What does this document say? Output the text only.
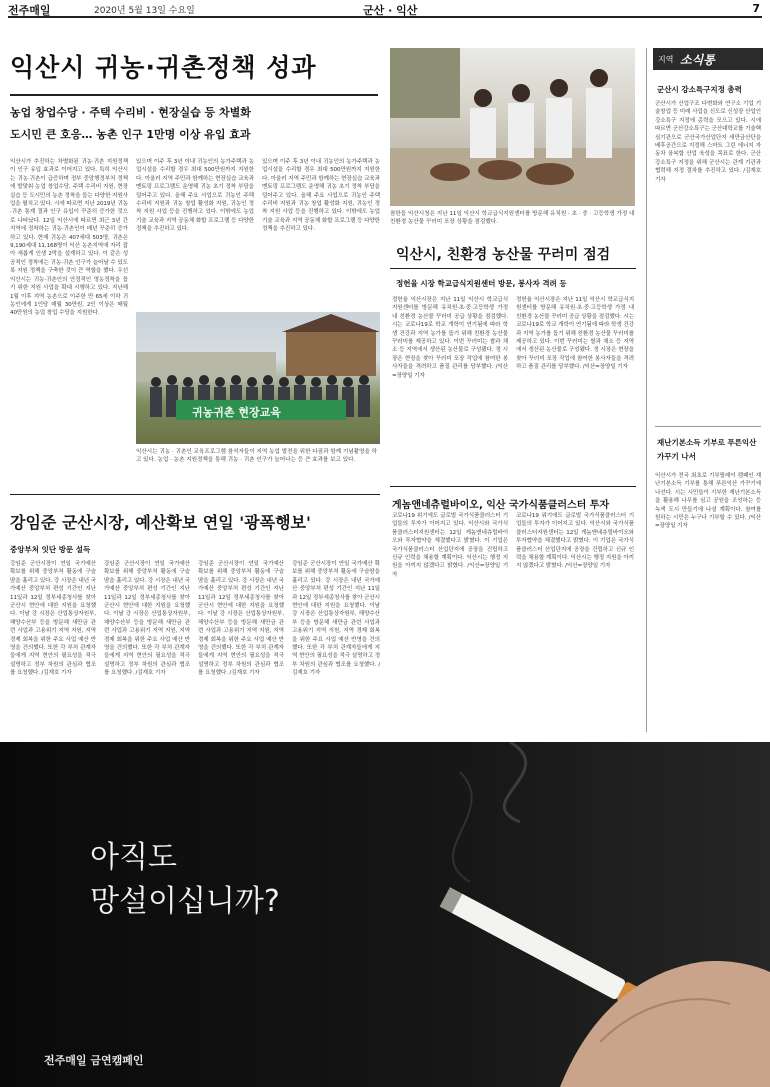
전주매일	2020년 5월 13일 수요일	군산 · 익산	7
익산시 귀농·귀촌정책 성과
농업 창업수당 · 주택 수리비 · 현장실습 등 차별화
도시민 큰 호응… 농촌 인구 1만명 이상 유입 효과
익산시가 추진하는 차별화된 귀농·귀촌 지원정책이 인구 유입 효과로 이어지고 있다. 특히 익산시는 귀농·귀촌이 급증하며 정부 중앙행정부처 정책에 발맞춰 농업 창업수당, 주택 수리비 지원, 현장실습 등 도시민의 농촌 정착을 돕는 다양한 지원사업을 펼치고 있다. 시에 따르면 지난 2019년 귀농·귀촌 통계 결과 인구 유입이 꾸준히 증가한 것으로 나타났다. 12일 익산시에 따르면 최근 3년 간 지역에 정착하는 귀농·귀촌인이 매년 꾸준히 증가하고 있다. 현재 귀농은 407세대 503명, 귀촌은 9,190세대 11,168명이 익산 농촌지역에 자리 잡아 새롭게 인생 2막을 설계하고 있다. 이 같은 성공적인 정착에는 귀농·귀촌 인구가 늘어날 수 있도록 지원 정책을 구축한 것이 큰 역할을 했다. 우선 익산시는 귀농·귀촌인의 안정적인 영농정착을 돕기 위한 지원 사업을 확대 시행하고 있다. 지난해 1월 이후 지역 농촌으로 이주한 만 65세 이하 귀농인에게 1인당 매월 30만원, 2인 이상은 매월 40만원의 농업 창업 수당을 지원한다.
있으며 이주 후 3년 이내 귀농인의 농가주택과 농업시설을 수리할 경우 최대 500만원까지 지원한다. 아울러 지역 주민과 함께하는 현장실습 교육과 멘토링 프로그램도 운영해 귀농 초기 정착 부담을 덜어주고 있다. 올해 주요 사업으로 귀농인 주택 수리비 지원과 귀농 창업 활성화 지원, 귀농인 정착 지원 사업 등을 진행하고 있다. 이밖에도 농업 기술 교육과 지역 공동체 화합 프로그램 등 다양한 정책을 추진하고 있다.
있으며 이주 후 3년 이내 귀농인의 농가주택과 농업시설을 수리할 경우 최대 500만원까지 지원한다. 아울러 지역 주민과 함께하는 현장실습 교육과 멘토링 프로그램도 운영해 귀농 초기 정착 부담을 덜어주고 있다. 올해 주요 사업으로 귀농인 주택 수리비 지원과 귀농 창업 활성화 지원, 귀농인 정착 지원 사업 등을 진행하고 있다. 이밖에도 농업 기술 교육과 지역 공동체 화합 프로그램 등 다양한 정책을 추진하고 있다.
귀농귀촌 현장교육
익산시는 귀농 · 귀촌인 교육프로그램 참석자들이 지역 농업 발전을 위한 다짐과 함께 기념촬영을 하고 있다. 농업 · 농촌 지원정책을 통해 귀농 · 귀촌 인구가 늘어나는 등 큰 효과를 보고 있다.
참한들 익산시청은 지난 11일 익산시 학교급식지원센터를 방문해 유치원 · 초 · 중 · 고등학생 가정 내 친환경 농산물 꾸러미 포장 상황을 점검했다.
익산시, 친환경 농산물 꾸러미 점검
정헌율 시장 학교급식지원센터 방문, 봉사자 격려 등
정헌율 익산시장은 지난 11일 익산시 학교급식지원센터를 방문해 유치원·초·중·고등학생 가정 내 친환경 농산물 꾸러미 공급 상황을 점검했다. 시는 코로나19로 학교 개학이 연기됨에 따라 학생 건강과 지역 농가를 돕기 위해 친환경 농산물 꾸러미를 제공하고 있다. 이번 꾸러미는 쌀과 채소 등 지역에서 생산된 농산물로 구성됐다. 정 시장은 현장을 찾아 꾸러미 포장 작업에 참여한 봉사자들을 격려하고 품질 관리를 당부했다. /익산=장양일 기자
정헌율 익산시장은 지난 11일 익산시 학교급식지원센터를 방문해 유치원·초·중·고등학생 가정 내 친환경 농산물 꾸러미 공급 상황을 점검했다. 시는 코로나19로 학교 개학이 연기됨에 따라 학생 건강과 지역 농가를 돕기 위해 친환경 농산물 꾸러미를 제공하고 있다. 이번 꾸러미는 쌀과 채소 등 지역에서 생산된 농산물로 구성됐다. 정 시장은 현장을 찾아 꾸러미 포장 작업에 참여한 봉사자들을 격려하고 품질 관리를 당부했다. /익산=장양일 기자
게놈앤네츄럴바이오, 익산 국가식품클러스터 투자
코로나19 위기에도 글로벌 국가식품클러스터 기업들의 투자가 이어지고 있다. 익산시와 국가식품클러스터지원센터는 12일 게놈앤네츄럴바이오와 투자협약을 체결했다고 밝혔다. 이 기업은 국가식품클러스터 산업단지에 공장을 건립하고 신규 인력을 채용할 계획이다. 익산시는 행정 지원을 아끼지 않겠다고 밝혔다. /익산=장양일 기자
코로나19 위기에도 글로벌 국가식품클러스터 기업들의 투자가 이어지고 있다. 익산시와 국가식품클러스터지원센터는 12일 게놈앤네츄럴바이오와 투자협약을 체결했다고 밝혔다. 이 기업은 국가식품클러스터 산업단지에 공장을 건립하고 신규 인력을 채용할 계획이다. 익산시는 행정 지원을 아끼지 않겠다고 밝혔다. /익산=장양일 기자
강임준 군산시장, 예산확보 연일 '광폭행보'
중앙부처 잇단 방문 설득
강임준 군산시장이 연일 국가예산 확보를 위해 중앙부처 활동에 구슬땀을 흘리고 있다. 강 시장은 내년 국가예산 중앙부처 편성 기간인 지난 11일과 12일 정부세종청사를 찾아 군산시 현안에 대한 지원을 요청했다. 이날 강 시장은 산업통상자원부, 해양수산부 등을 방문해 새만금 관련 사업과 고용위기 지역 지원, 지역 경제 회복을 위한 주요 사업 예산 반영을 건의했다. 또한 각 부처 관계자들에게 지역 현안의 필요성을 적극 설명하고 정부 차원의 관심과 협조를 요청했다. /김재호 기자
강임준 군산시장이 연일 국가예산 확보를 위해 중앙부처 활동에 구슬땀을 흘리고 있다. 강 시장은 내년 국가예산 중앙부처 편성 기간인 지난 11일과 12일 정부세종청사를 찾아 군산시 현안에 대한 지원을 요청했다. 이날 강 시장은 산업통상자원부, 해양수산부 등을 방문해 새만금 관련 사업과 고용위기 지역 지원, 지역 경제 회복을 위한 주요 사업 예산 반영을 건의했다. 또한 각 부처 관계자들에게 지역 현안의 필요성을 적극 설명하고 정부 차원의 관심과 협조를 요청했다. /김재호 기자
강임준 군산시장이 연일 국가예산 확보를 위해 중앙부처 활동에 구슬땀을 흘리고 있다. 강 시장은 내년 국가예산 중앙부처 편성 기간인 지난 11일과 12일 정부세종청사를 찾아 군산시 현안에 대한 지원을 요청했다. 이날 강 시장은 산업통상자원부, 해양수산부 등을 방문해 새만금 관련 사업과 고용위기 지역 지원, 지역 경제 회복을 위한 주요 사업 예산 반영을 건의했다. 또한 각 부처 관계자들에게 지역 현안의 필요성을 적극 설명하고 정부 차원의 관심과 협조를 요청했다. /김재호 기자
강임준 군산시장이 연일 국가예산 확보를 위해 중앙부처 활동에 구슬땀을 흘리고 있다. 강 시장은 내년 국가예산 중앙부처 편성 기간인 지난 11일과 12일 정부세종청사를 찾아 군산시 현안에 대한 지원을 요청했다. 이날 강 시장은 산업통상자원부, 해양수산부 등을 방문해 새만금 관련 사업과 고용위기 지역 지원, 지역 경제 회복을 위한 주요 사업 예산 반영을 건의했다. 또한 각 부처 관계자들에게 지역 현안의 필요성을 적극 설명하고 정부 차원의 관심과 협조를 요청했다. /김재호 기자
지역 소식통
군산시 강소특구지정 총력
군산시가 산업구조 다변화와 연구소 기업 기술창업 등 미래 사업을 신도로 신성장 산업인 강소특구 지정에 총력을 모으고 있다. 시에 따르면 군산강소특구는 군산대학교를 기술핵심기관으로 군산국가산업단지 새만금산단을 배후공간으로 지정해 스마트 그린 에너지 자동차 융복합 산업 육성을 목표로 한다. 군산 강소특구 지정을 위해 군산시는 관계 기관과 협력해 지정 절차를 추진하고 있다. /김재호 기자
재난기본소득 기부로 푸른익산 가꾸기 나서
익산시가 전국 최초로 기부릴레이 캠페인 재난기본소득 기부를 통해 푸른익산 가꾸기에 나선다. 시는 시민들이 기부한 재난기본소득을 활용해 나무를 심고 공원을 조성하는 등 녹색 도시 만들기에 나설 계획이다. 참여를 원하는 시민은 누구나 기부할 수 있다. /익산=장양일 기자
아직도
망설이십니까?
전주매일 금연캠페인
